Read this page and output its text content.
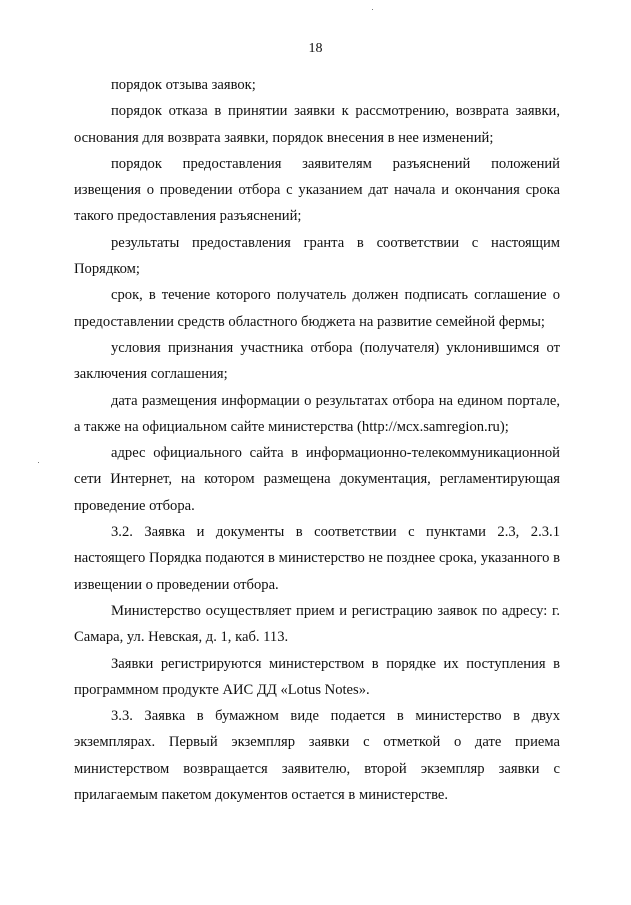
18

порядок отзыва заявок;

порядок отказа в принятии заявки к рассмотрению, возврата заявки, основания для возврата заявки, порядок внесения в нее изменений;

порядок предоставления заявителям разъяснений положений извещения о проведении отбора с указанием дат начала и окончания срока такого предоставления разъяснений;

результаты предоставления гранта в соответствии с настоящим Порядком;

срок, в течение которого получатель должен подписать соглашение о предоставлении средств областного бюджета на развитие семейной фермы;

условия признания участника отбора (получателя) уклонившимся от заключения соглашения;

дата размещения информации о результатах отбора на едином портале, а также на официальном сайте министерства (http://мсх.samregion.ru);

адрес официального сайта в информационно-телекоммуникационной сети Интернет, на котором размещена документация, регламентирующая проведение отбора.

3.2. Заявка и документы в соответствии с пунктами 2.3, 2.3.1 настоящего Порядка подаются в министерство не позднее срока, указанного в извещении о проведении отбора.

Министерство осуществляет прием и регистрацию заявок по адресу: г. Самара, ул. Невская, д. 1, каб. 113.

Заявки регистрируются министерством в порядке их поступления в программном продукте АИС ДД «Lotus Notes».

3.3. Заявка в бумажном виде подается в министерство в двух экземплярах. Первый экземпляр заявки с отметкой о дате приема министерством возвращается заявителю, второй экземпляр заявки с прилагаемым пакетом документов остается в министерстве.
